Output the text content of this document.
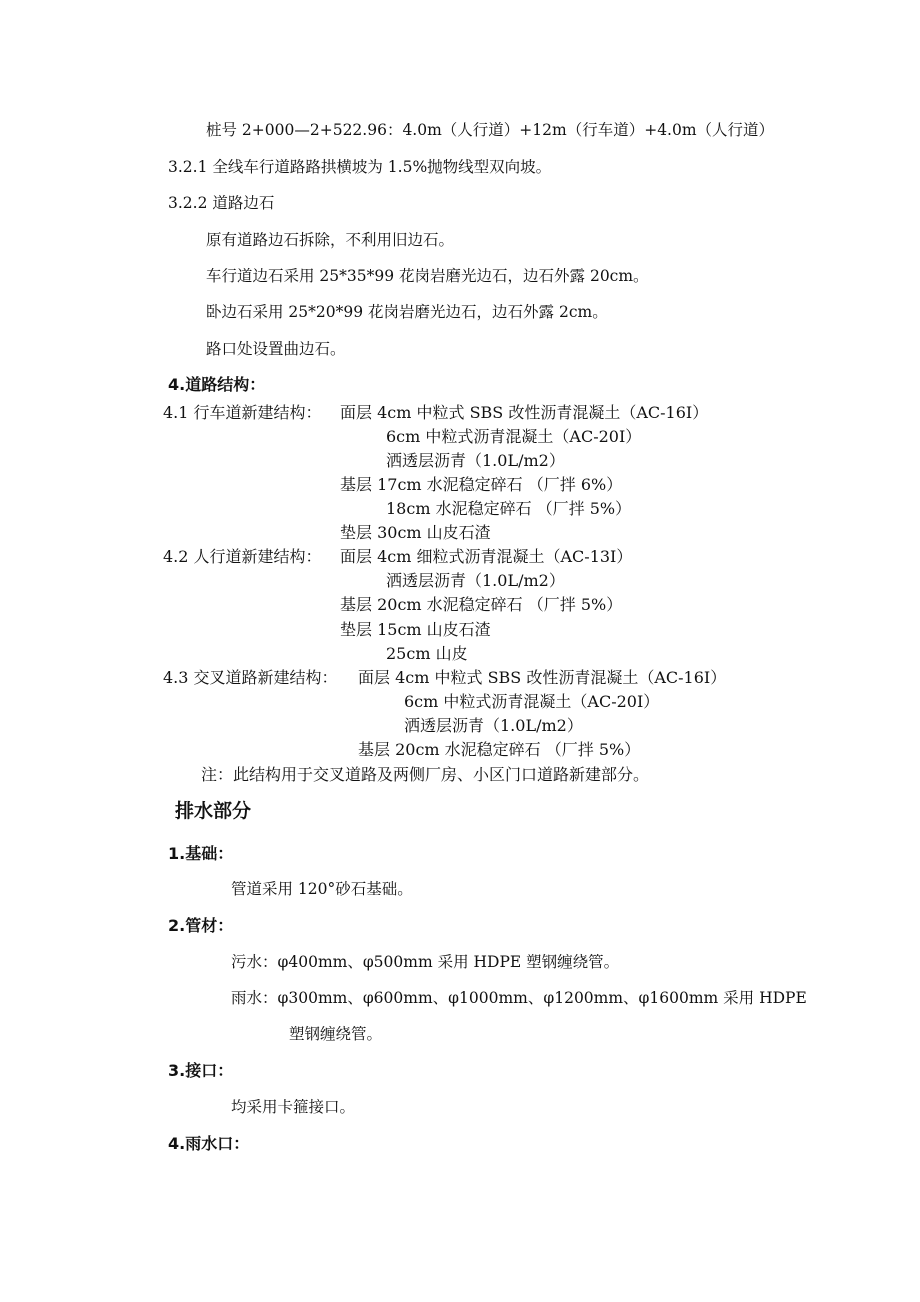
桩号 2+000—2+522.96：4.0m（人行道）+12m（行车道）+4.0m（人行道）
3.2.1 全线车行道路路拱横坡为 1.5%抛物线型双向坡。
3.2.2 道路边石
原有道路边石拆除，不利用旧边石。
车行道边石采用 25*35*99 花岗岩磨光边石，边石外露 20cm。
卧边石采用 25*20*99 花岗岩磨光边石，边石外露 2cm。
路口处设置曲边石。
4.道路结构：
4.1 行车道新建结构： 面层 4cm 中粒式 SBS 改性沥青混凝土（AC-16I）
6cm 中粒式沥青混凝土（AC-20I）
洒透层沥青（1.0L/m2）
基层 17cm 水泥稳定碎石 （厂拌 6%）
18cm 水泥稳定碎石 （厂拌 5%）
垫层 30cm 山皮石渣
4.2 人行道新建结构： 面层 4cm 细粒式沥青混凝土（AC-13I）
洒透层沥青（1.0L/m2）
基层 20cm 水泥稳定碎石 （厂拌 5%）
垫层 15cm 山皮石渣
25cm 山皮
4.3 交叉道路新建结构： 面层 4cm 中粒式 SBS 改性沥青混凝土（AC-16I）
6cm 中粒式沥青混凝土（AC-20I）
洒透层沥青（1.0L/m2）
基层 20cm 水泥稳定碎石 （厂拌 5%）
注：此结构用于交叉道路及两侧厂房、小区门口道路新建部分。
排水部分
1.基础：
管道采用 120°砂石基础。
2.管材：
污水：φ400mm、φ500mm 采用 HDPE 塑钢缠绕管。
雨水：φ300mm、φ600mm、φ1000mm、φ1200mm、φ1600mm 采用 HDPE
塑钢缠绕管。
3.接口：
均采用卡箍接口。
4.雨水口：
